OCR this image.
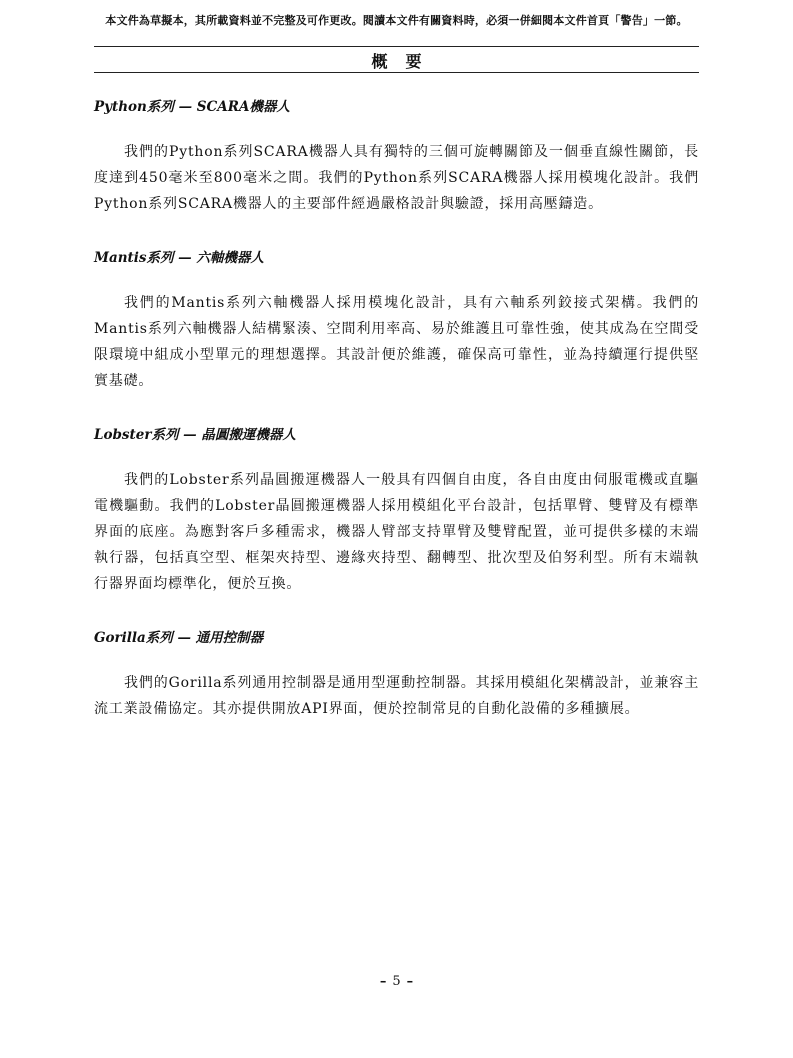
本文件為草擬本，其所載資料並不完整及可作更改。閱讀本文件有關資料時，必須一併細閱本文件首頁「警告」一節。
概要
Python系列 — SCARA機器人
我們的Python系列SCARA機器人具有獨特的三個可旋轉關節及一個垂直線性關節，長度達到450毫米至800毫米之間。我們的Python系列SCARA機器人採用模塊化設計。我們Python系列SCARA機器人的主要部件經過嚴格設計與驗證，採用高壓鑄造。
Mantis系列 — 六軸機器人
我們的Mantis系列六軸機器人採用模塊化設計，具有六軸系列鉸接式架構。我們的Mantis系列六軸機器人結構緊湊、空間利用率高、易於維護且可靠性強，使其成為在空間受限環境中組成小型單元的理想選擇。其設計便於維護，確保高可靠性，並為持續運行提供堅實基礎。
Lobster系列 — 晶圓搬運機器人
我們的Lobster系列晶圓搬運機器人一般具有四個自由度，各自由度由伺服電機或直驅電機驅動。我們的Lobster晶圓搬運機器人採用模組化平台設計，包括單臂、雙臂及有標準界面的底座。為應對客戶多種需求，機器人臂部支持單臂及雙臂配置，並可提供多樣的末端執行器，包括真空型、框架夾持型、邊緣夾持型、翻轉型、批次型及伯努利型。所有末端執行器界面均標準化，便於互換。
Gorilla系列 — 通用控制器
我們的Gorilla系列通用控制器是通用型運動控制器。其採用模組化架構設計，並兼容主流工業設備協定。其亦提供開放API界面，便於控制常見的自動化設備的多種擴展。
– 5 –
